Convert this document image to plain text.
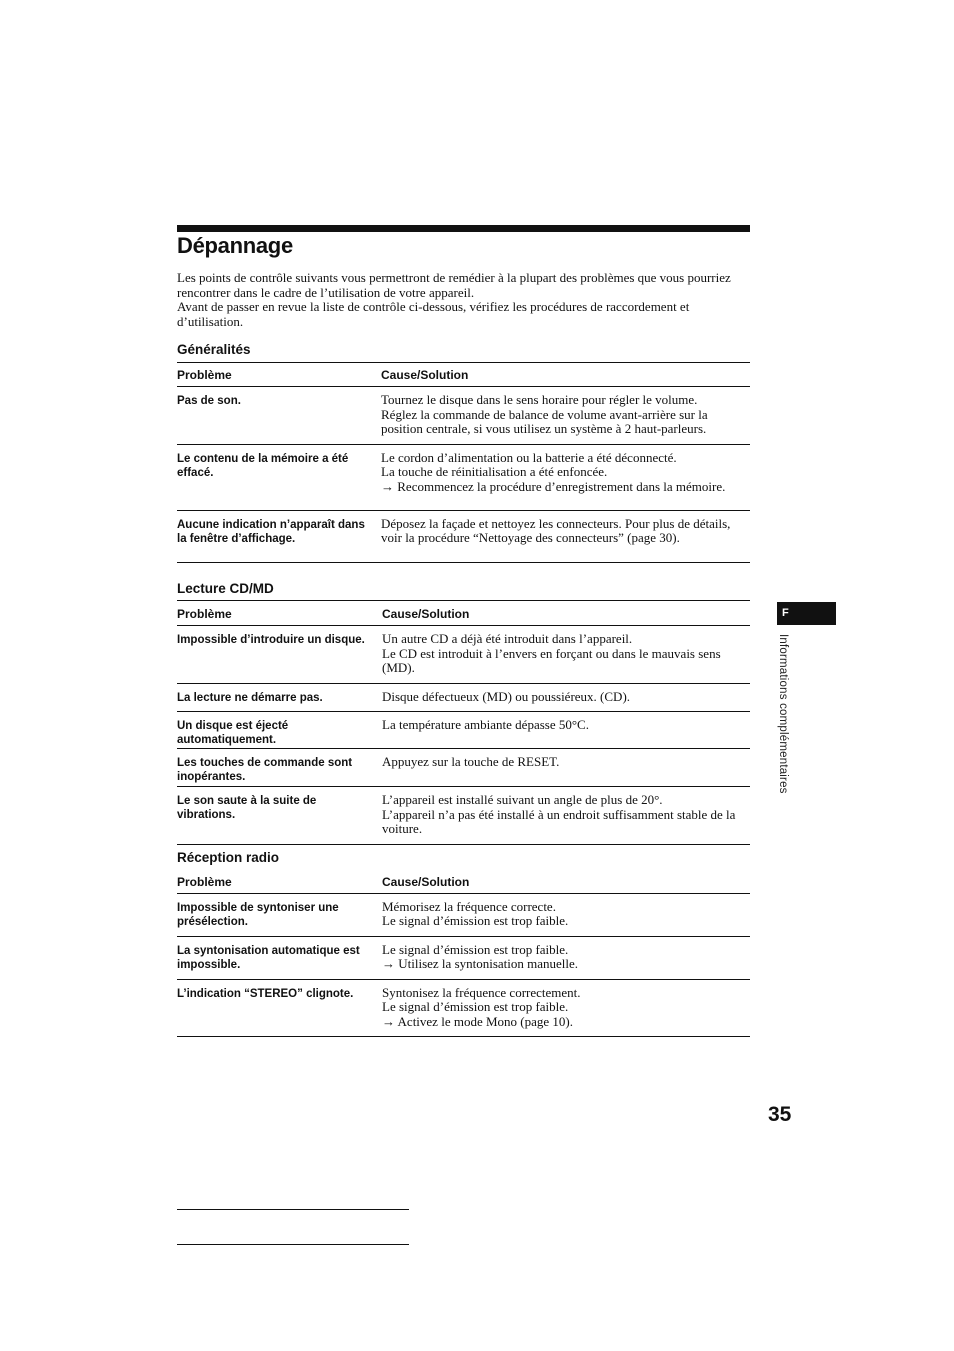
Dépannage

Les points de contrôle suivants vous permettront de remédier à la plupart des problèmes que vous pourriez rencontrer dans le cadre de l’utilisation de votre appareil.

Avant de passer en revue la liste de contrôle ci-dessous, vérifiez les procédures de raccordement et d’utilisation.

Généralités
Problème	Cause/Solution
Pas de son.	Tournez le disque dans le sens horaire pour régler le volume.
Réglez la commande de balance de volume avant-arrière sur la position centrale, si vous utilisez un système à 2 haut-parleurs.

Le contenu de la mémoire a été effacé.	Le cordon d’alimentation ou la batterie a été déconnecté.
La touche de réinitialisation a été enfoncée.
→ Recommencez la procédure d’enregistrement dans la mémoire.

Aucune indication n’apparaît dans la fenêtre d’affichage.	Déposez la façade et nettoyez les connecteurs. Pour plus de détails, voir la procédure “Nettoyage des connecteurs” (page 30).
Lecture CD/MD
Problème	Cause/Solution
Impossible d’introduire un disque.	Un autre CD a déjà été introduit dans l’appareil.
Le CD est introduit à l’envers en forçant ou dans le mauvais sens (MD).

La lecture ne démarre pas.	Disque défectueux (MD) ou poussiéreux. (CD).

Un disque est éjecté automatiquement.	La température ambiante dépasse 50°C.

Les touches de commande sont inopérantes.	Appuyez sur la touche de RESET.

Le son saute à la suite de vibrations.	L’appareil est installé suivant un angle de plus de 20°.
L’appareil n’a pas été installé à un endroit suffisamment stable de la voiture.
Réception radio
Problème	Cause/Solution
Impossible de syntoniser une présélection.	Mémorisez la fréquence correcte.
Le signal d’émission est trop faible.

La syntonisation automatique est impossible.	Le signal d’émission est trop faible.
→ Utilisez la syntonisation manuelle.

L’indication “STEREO” clignote.	Syntonisez la fréquence correctement.
Le signal d’émission est trop faible.
→ Activez le mode Mono (page 10).
F
Informations complémentaires
35
